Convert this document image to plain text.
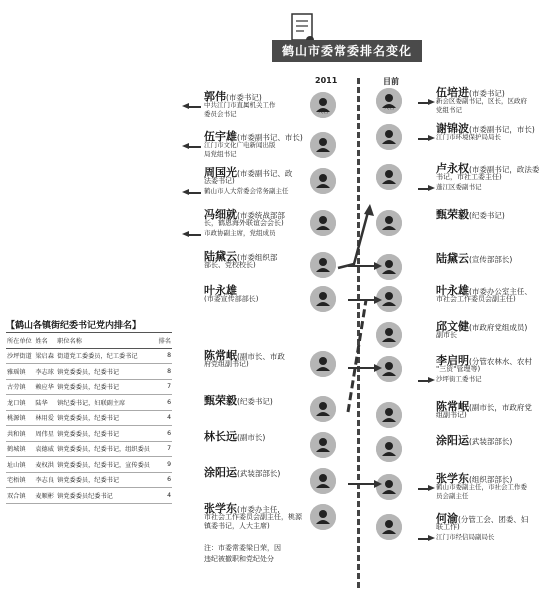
鹤山市委常委排名变化
2011	目前
人名
郭伟(市委书记)
中共江门市直属机关工作
委员会书记
伍宇雄(市委副书记、市长)
江门市文化广电新闻出版
局党组书记
周国光(市委副书记、政
法委书记)
鹤山市人大常委会常务副主任
冯细就(市委统战部部
长，鹤恩海外联谊会会长)
市政协副主席，党组成员
陆黛云(市委组织部
部长、党校校长)
叶永雄
(市委宣传部部长)
陈常岷(副市长、市政
府党组副书记)
甄荣毅(纪委书记)
林长远(副市长)
涂阳运(武装部部长)
张学东(市委办主任,
市社会工作委员会副主任，桃源镇委书记，人大主席)
人名
伍培进(市委书记)
新会区委副书记，区长，区政府
党组书记
谢锦波(市委副书记，市长)
江门市环境保护局局长
卢永权(市委副书记，政法委
书记，市社工委主任)
蓬江区委副书记
甄荣毅(纪委书记)
陆黛云(宣传部部长)
叶永雄(市委办公室主任、
市社会工作委员会副主任)
邱文健(市政府党组成员)
副市长
李启明(分管农林水、农村
"三资"管理等)
沙坪街工委书记
陈常岷(副市长，市政府党
组副书记)
涂阳运(武装部部长)
张学东(组织部部长)
鹤山市委副主任，市社会工作委
员会副主任
何渝(分管工会、团委、妇
联工作)
江门市经信局副局长
【鹤山各镇街纪委书记党内排名】
所在单位	姓名	职位名称	排名
沙坪街道	梁启森	街道党工委委员，纪工委书记	8
雅瑶镇	李志球	镇党委委员，纪委书记	8
古劳镇	赖应华	镇党委委员，纪委书记	7
龙口镇	陆华	镇纪委书记，妇联副主席	6
桃源镇	林用爱	镇党委委员，纪委书记	4
共和镇	周伟星	镇党委委员，纪委书记	6
鹤城镇	袁德威	镇党委委员，纪委书记，组织委员	7
址山镇	麦权洪	镇党委委员，纪委书记，宣传委员	9
宅梧镇	李志良	镇党委委员，纪委书记	6
双合镇	麦顺彬	镇党委委员纪委书记	4
注：市委常委梁日荣，因违纪被撤职和党纪处分
